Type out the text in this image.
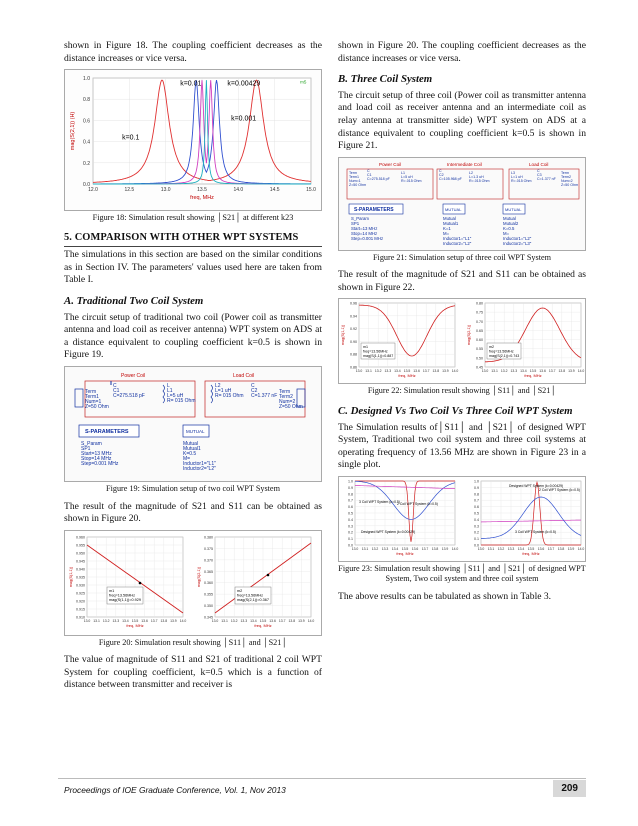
shown in Figure 18. The coupling coefficient decreases as the distance increases or vice versa.

0.0
0.2
0.4
0.6
0.8
1.0
12.0	12.5	13.0	13.5	14.0	14.5	15.0
freq, MHz
mag(S(2,1)) (H)
k=0.01	k=0.00429
k=0.001
k=0.1
m5
Figure 18: Simulation result showing │S21│ at different k23
5. COMPARISON WITH OTHER WPT SYSTEMS

The simulations in this section are based on the similar conditions as in Section IV. The parameters' values used here are taken from Table I.

A. Traditional Two Coil System

The circuit setup of traditional two coil (Power coil as transmitter antenna and load coil as receiver antenna) WPT system on ADS at a distance equivalent to coupling coefficient k=0.5 is shown in Figure 19.

Power Coil	Load Coil
Term
Term1
Num=1
Z=50 Ohm
C
C1
C=275.518 pF
L
L1
L=5 uH
R= 015 Ohm
L2
L=1 uH
R= 015 Ohm
C
C2
C=1.377 nF
Term
Term2
Num=2
Z=50 Ohm
S-PARAMETERS
S_Param
SP1
Start=13 MHz
Stop=14 MHz
Step=0.001 MHz
MUTUAL
Mutual
Mutual1
K=0.5
M=
Inductor1="L1"
Inductor2="L2"
Figure 19: Simulation setup of two coil WPT System

The result of the magnitude of S21 and S11 can be obtained as shown in Figure 20.

0.960
0.955
0.950
0.945
0.940
0.935
0.930
0.925
0.920
0.915
0.910
13.0 13.1 13.2 13.3 13.4 13.5 13.6 13.7 13.8 13.9 14.0
freq, MHz
mag(S(1,1))
0.380
0.375
0.370
0.365
0.360
0.355
0.350
0.345
13.0 13.1 13.2 13.3 13.4 13.5 13.6 13.7 13.8 13.9 14.0
freq, MHz
mag(S(2,1))
m1
freq=13.56MHz
mag(S(1,1))=0.929
m2
freq=13.56MHz
mag(S(2,1))=0.367
Figure 20: Simulation result showing │S11│ and │S21│

The value of magnitude of S11 and S21 of traditional 2 coil WPT System for coupling coefficient, k=0.5 which is a function of distance between transmitter and receiver is

shown in Figure 20. The coupling coefficient decreases as the distance increases or vice versa.

B. Three Coil System

The circuit setup of three coil (Power coil as transmitter antenna and load coil as receiver antenna and an intermediate coil as relay antenna at transmitter side) WPT system on ADS at a distance equivalent to coupling coefficient k=0.5 is shown in Figure 21.

Power Coil	Intermediate Coil	Load Coil
Term
Term1
Num=1
Z=50 Ohm
C
C1
C=275.518 pF
L1
L=5 uH
R=.015 Ohm
C
C2
C=105.968 pF
L2
L=1.3 uH
R=.015 Ohm
L3
L=1 uH
R=.015 Ohm
C
C3
C=1.377 nF
Term
Term2
Num=2
Z=50 Ohm
S-PARAMETERS
S_Param
SP1
Start=13 MHz
Stop=14 MHz
Step=0.001 MHz
MUTUAL
Mutual
Mutual1
K=1
M=
Inductor1="L1"
Inductor2="L2"
MUTUAL
Mutual
Mutual2
K=0.5
M=
Inductor1="L2"
Inductor2="L3"
Figure 21: Simulation setup of three coil WPT System

The result of the magnitude of S21 and S11 can be obtained as shown in Figure 22.

0.96
0.94
0.92
0.90
0.88
0.86
13.0 13.1 13.2 13.3 13.4 13.5 13.6 13.7 13.8 13.9 14.0
freq, MHz
mag(S(1,1))
0.80
0.75
0.70
0.65
0.60
0.55
0.50
0.45
13.0 13.1 13.2 13.3 13.4 13.5 13.6 13.7 13.8 13.9 14.0
freq, MHz
mag(S(2,1))
m1
freq=13.56MHz
mag(S(1,1))=0.887
m2
freq=13.56MHz
mag(S(2,1))=0.743
Figure 22: Simulation result showing │S11│ and │S21│
C. Designed Vs Two Coil Vs Three Coil WPT System

The Simulation results of│S11│ and │S21│ of designed WPT System, Traditional two coil system and three coil systems at operating frequency of 13.56 MHz are shown in Figure 23 in a single plot.

1.0
0.9
0.8
0.7
0.6
0.5
0.4
0.3
0.2
0.1
0.0
13.0 13.1 13.2 13.3 13.4 13.5 13.6 13.7 13.8 13.9 14.0
freq, MHz
1.0
0.9
0.8
0.7
0.6
0.5
0.4
0.3
0.2
0.1
0.0
13.0 13.1 13.2 13.3 13.4 13.5 13.6 13.7 13.8 13.9 14.0
freq, MHz
Designed WPT System (k=0.00429)
3 Coil WPT System (k=0.5)
2 Coil WPT System (k=0.5)
Designed WPT System (k=0.00429)
2 Coil WPT System (k=0.5)
3 Coil WPT System (k=0.5)
Figure 23: Simulation result showing │S11│ and │S21│ of designed WPT System, Two coil system and three coil system

The above results can be tabulated as shown in Table 3.

Proceedings of IOE Graduate Conference, Vol. 1, Nov 2013	209
